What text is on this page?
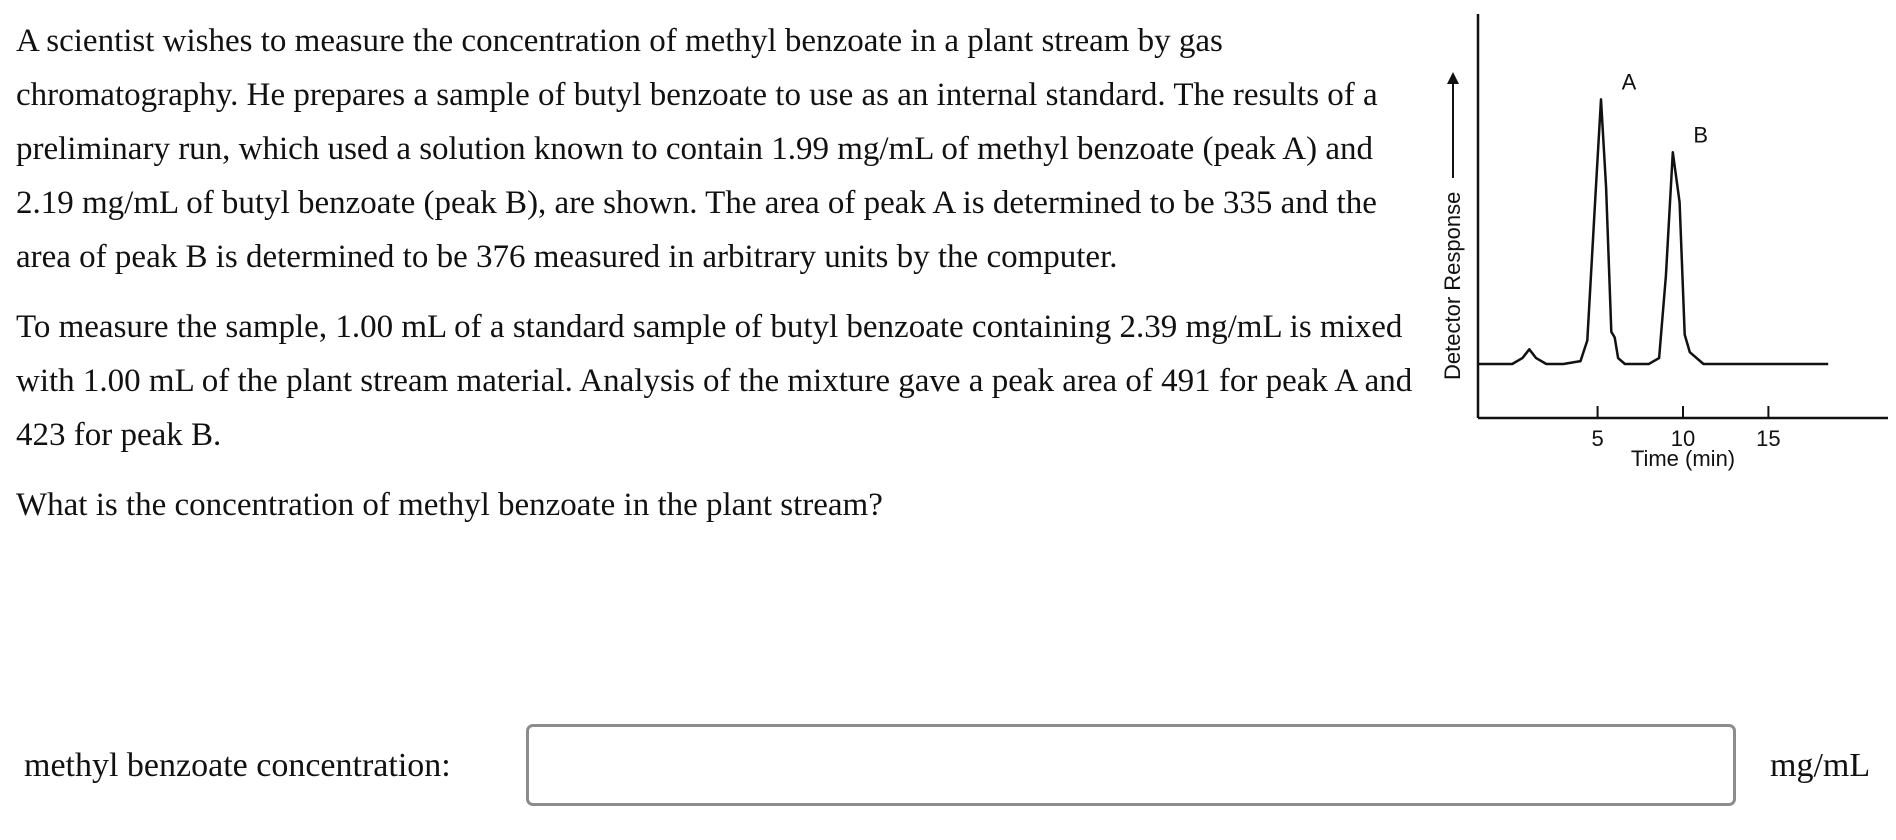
A scientist wishes to measure the concentration of methyl benzoate in a plant stream by gas chromatography. He prepares a sample of butyl benzoate to use as an internal standard. The results of a preliminary run, which used a solution known to contain 1.99 mg/mL of methyl benzoate (peak A) and 2.19 mg/mL of butyl benzoate (peak B), are shown. The area of peak A is determined to be 335 and the area of peak B is determined to be 376 measured in arbitrary units by the computer.

To measure the sample, 1.00 mL of a standard sample of butyl benzoate containing 2.39 mg/mL is mixed with 1.00 mL of the plant stream material. Analysis of the mixture gave a peak area of 491 for peak A and 423 for peak B.

What is the concentration of methyl benzoate in the plant stream?

5	10	15
A
B
Time (min)
Detector Response
methyl benzoate concentration:	mg/mL
